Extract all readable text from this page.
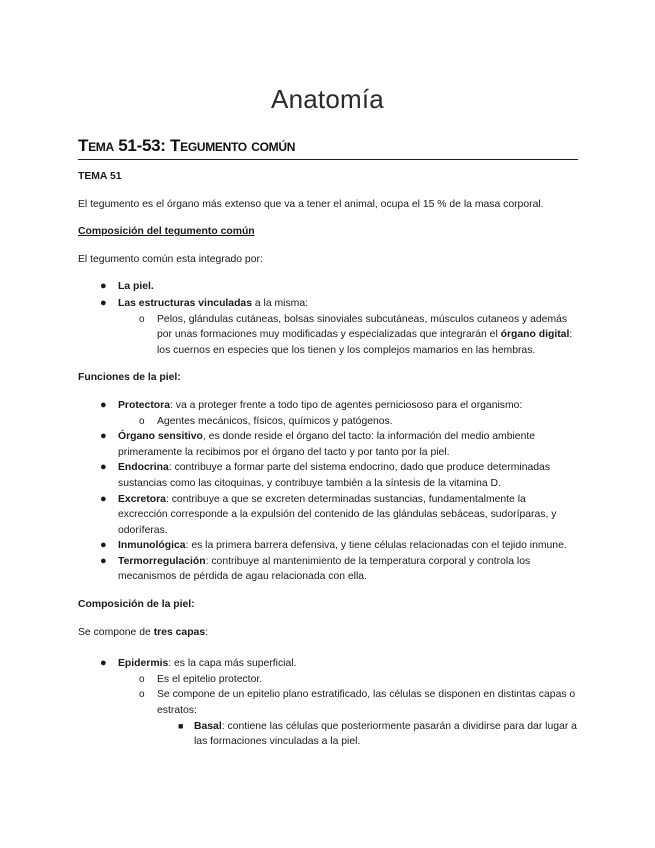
Anatomía
Tema 51-53: Tegumento común

TEMA 51

El tegumento es el órgano más extenso que va a tener el animal, ocupa el 15 % de la masa corporal.

Composición del tegumento común

El tegumento común esta integrado por:

● La piel.
● Las estructuras vinculadas a la misma:
o Pelos, glándulas cutáneas, bolsas sinoviales subcutáneas, músculos cutaneos y además por unas formaciones muy modificadas y especializadas que integrarán el órgano digital: los cuernos en especies que los tienen y los complejos mamarios en las hembras.

Funciones de la piel:

● Protectora: va a proteger frente a todo tipo de agentes perniciososo para el organismo:
o Agentes mecánicos, físicos, químicos y patógenos.
● Órgano sensitivo, es donde reside el órgano del tacto: la información del medio ambiente primeramente la recibimos por el órgano del tacto y por tanto por la piel.
● Endocrina: contribuye a formar parte del sistema endocrino, dado que produce determinadas sustancias como las citoquinas, y contribuye también a la síntesis de la vitamina D.
● Excretora: contribuye a que se excreten determinadas sustancias, fundamentalmente la excrección corresponde a la expulsión del contenido de las glándulas sebáceas, sudoríparas, y odoríferas.
● Inmunológica: es la primera barrera defensiva, y tiene células relacionadas con el tejido inmune.
● Termorregulación: contribuye al mantenimiento de la temperatura corporal y controla los mecanismos de pérdida de agau relacionada con ella.

Composición de la piel:

Se compone de tres capas:

● Epidermis: es la capa más superficial.
o Es el epitelio protector.
o Se compone de un epitelio plano estratificado, las células se disponen en distintas capas o estratos:
■ Basal: contiene las células que posteriormente pasarán a dividirse para dar lugar a las formaciones vinculadas a la piel.
